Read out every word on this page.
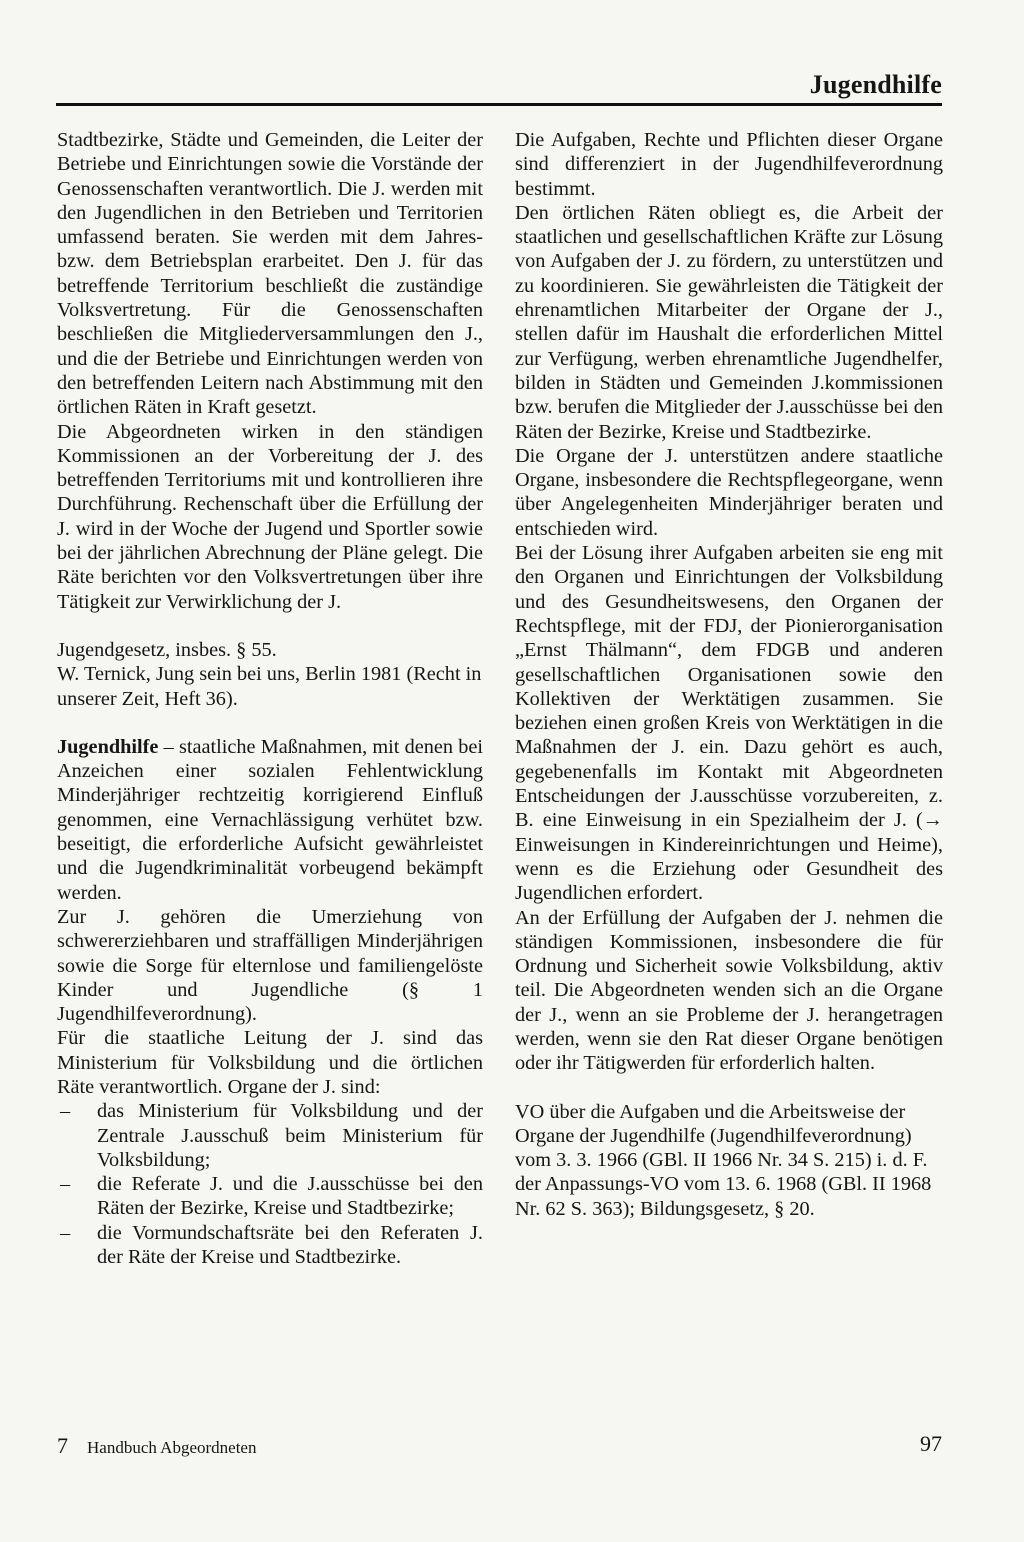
Jugendhilfe

Stadtbezirke, Städte und Gemeinden, die Leiter der Betriebe und Einrichtungen sowie die Vorstände der Genossenschaften verantwortlich. Die J. werden mit den Jugendlichen in den Betrieben und Territorien umfassend beraten. Sie werden mit dem Jahres- bzw. dem Betriebsplan erarbeitet. Den J. für das betreffende Territorium beschließt die zuständige Volksvertretung. Für die Genossenschaften beschließen die Mitgliederversammlungen den J., und die der Betriebe und Einrichtungen werden von den betreffenden Leitern nach Abstimmung mit den örtlichen Räten in Kraft gesetzt.

Die Abgeordneten wirken in den ständigen Kommissionen an der Vorbereitung der J. des betreffenden Territoriums mit und kontrollieren ihre Durchführung. Rechenschaft über die Erfüllung der J. wird in der Woche der Jugend und Sportler sowie bei der jährlichen Abrechnung der Pläne gelegt. Die Räte berichten vor den Volksvertretungen über ihre Tätigkeit zur Verwirklichung der J.

Jugendgesetz, insbes. § 55.

W. Ternick, Jung sein bei uns, Berlin 1981 (Recht in unserer Zeit, Heft 36).

Jugendhilfe – staatliche Maßnahmen, mit denen bei Anzeichen einer sozialen Fehlentwicklung Minderjähriger rechtzeitig korrigierend Einfluß genommen, eine Vernachlässigung verhütet bzw. beseitigt, die erforderliche Aufsicht gewährleistet und die Jugendkriminalität vorbeugend bekämpft werden.

Zur J. gehören die Umerziehung von schwererziehbaren und straffälligen Minderjährigen sowie die Sorge für elternlose und familiengelöste Kinder und Jugendliche (§ 1 Jugendhilfeverordnung).

Für die staatliche Leitung der J. sind das Ministerium für Volksbildung und die örtlichen Räte verantwortlich. Organe der J. sind:

– das Ministerium für Volksbildung und der Zentrale J.ausschuß beim Ministerium für Volksbildung;
– die Referate J. und die J.ausschüsse bei den Räten der Bezirke, Kreise und Stadtbezirke;
– die Vormundschaftsräte bei den Referaten J. der Räte der Kreise und Stadtbezirke.

Die Aufgaben, Rechte und Pflichten dieser Organe sind differenziert in der Jugendhilfeverordnung bestimmt.

Den örtlichen Räten obliegt es, die Arbeit der staatlichen und gesellschaftlichen Kräfte zur Lösung von Aufgaben der J. zu fördern, zu unterstützen und zu koordinieren. Sie gewährleisten die Tätigkeit der ehrenamtlichen Mitarbeiter der Organe der J., stellen dafür im Haushalt die erforderlichen Mittel zur Verfügung, werben ehrenamtliche Jugendhelfer, bilden in Städten und Gemeinden J.kommissionen bzw. berufen die Mitglieder der J.ausschüsse bei den Räten der Bezirke, Kreise und Stadtbezirke.

Die Organe der J. unterstützen andere staatliche Organe, insbesondere die Rechtspflegeorgane, wenn über Angelegenheiten Minderjähriger beraten und entschieden wird.

Bei der Lösung ihrer Aufgaben arbeiten sie eng mit den Organen und Einrichtungen der Volksbildung und des Gesundheitswesens, den Organen der Rechtspflege, mit der FDJ, der Pionierorganisation „Ernst Thälmann“, dem FDGB und anderen gesellschaftlichen Organisationen sowie den Kollektiven der Werktätigen zusammen. Sie beziehen einen großen Kreis von Werktätigen in die Maßnahmen der J. ein. Dazu gehört es auch, gegebenenfalls im Kontakt mit Abgeordneten Entscheidungen der J.ausschüsse vorzubereiten, z. B. eine Einweisung in ein Spezialheim der J. (→ Einweisungen in Kindereinrichtungen und Heime), wenn es die Erziehung oder Gesundheit des Jugendlichen erfordert.

An der Erfüllung der Aufgaben der J. nehmen die ständigen Kommissionen, insbesondere die für Ordnung und Sicherheit sowie Volksbildung, aktiv teil. Die Abgeordneten wenden sich an die Organe der J., wenn an sie Probleme der J. herangetragen werden, wenn sie den Rat dieser Organe benötigen oder ihr Tätigwerden für erforderlich halten.

VO über die Aufgaben und die Arbeitsweise der Organe der Jugendhilfe (Jugendhilfeverordnung) vom 3. 3. 1966 (GBl. II 1966 Nr. 34 S. 215) i. d. F. der Anpassungs-VO vom 13. 6. 1968 (GBl. II 1968 Nr. 62 S. 363); Bildungsgesetz, § 20.

7 Handbuch Abgeordneten	97
